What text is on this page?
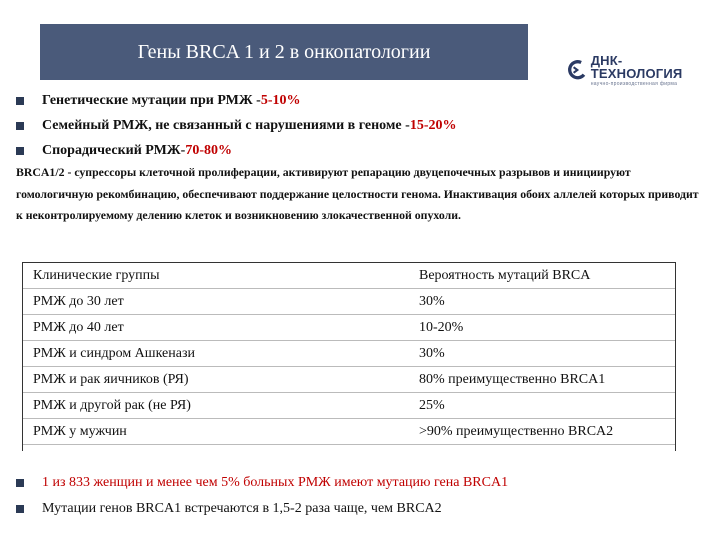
Гены BRCA 1 и 2 в онкопатологии	ДНК-ТЕХНОЛОГИЯ
научно-производственная фирма
Генетические мутации при РМЖ - 5-10%
Семейный РМЖ, не связанный с нарушениями в геноме - 15-20%
Спорадический РМЖ- 70-80%
BRCA1/2 - супрессоры клеточной пролиферации, активируют репарацию двуцепочечных разрывов и инициируют гомологичную рекомбинацию, обеспечивают поддержание целостности генома. Инактивация обоих аллелей которых приводит к неконтролируемому делению клеток и возникновению злокачественной опухоли.
Клинические группы	Вероятность мутаций BRCA
РМЖ до 30 лет	30%
РМЖ до 40 лет	10-20%
РМЖ и синдром Ашкенази	30%
РМЖ и рак яичников (РЯ)	80% преимущественно BRCA1
РМЖ и другой рак (не РЯ)	25%
РМЖ у мужчин	>90% преимущественно BRCA2
1 из 833 женщин и менее чем 5% больных РМЖ имеют мутацию гена BRCA1
Мутации генов BRCA1 встречаются в 1,5-2 раза чаще, чем BRCA2
